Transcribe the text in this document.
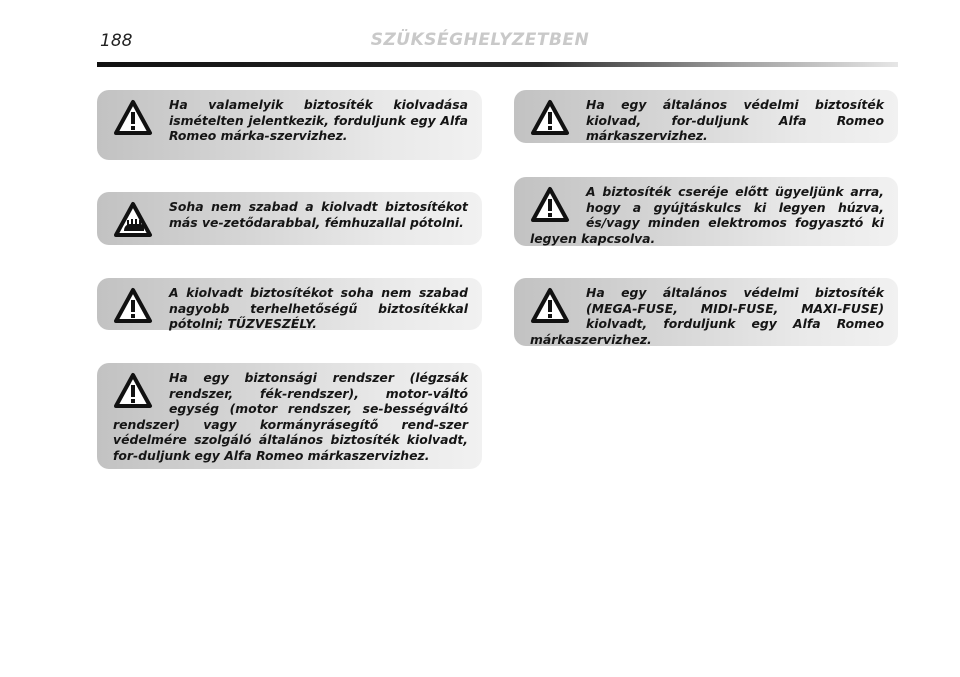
188	SZÜKSÉGHELYZETBEN

Ha valamelyik biztosíték kiolvadása ismételten jelentkezik, forduljunk egy Alfa Romeo márka-szervizhez.

Soha nem szabad a kiolvadt biztosítékot más ve-zetődarabbal, fémhuzallal pótolni.

A kiolvadt biztosítékot soha nem szabad nagyobb terhelhetőségű biztosítékkal pótolni; TŰZVESZÉLY.

Ha egy biztonsági rendszer (légzsák rendszer, fék-rendszer), motor-váltó egység (motor rendszer, se-bességváltó rendszer) vagy kormányrásegítő rend-szer védelmére szolgáló általános biztosíték kiolvadt, for-duljunk egy Alfa Romeo márkaszervizhez.

Ha egy általános védelmi biztosíték kiolvad, for-duljunk Alfa Romeo márkaszervizhez.

A biztosíték cseréje előtt ügyeljünk arra, hogy a gyújtáskulcs ki legyen húzva, és/vagy minden elektromos fogyasztó ki legyen kapcsolva.

Ha egy általános védelmi biztosíték (MEGA-FUSE, MIDI-FUSE, MAXI-FUSE) kiolvadt, forduljunk egy Alfa Romeo márkaszervizhez.
